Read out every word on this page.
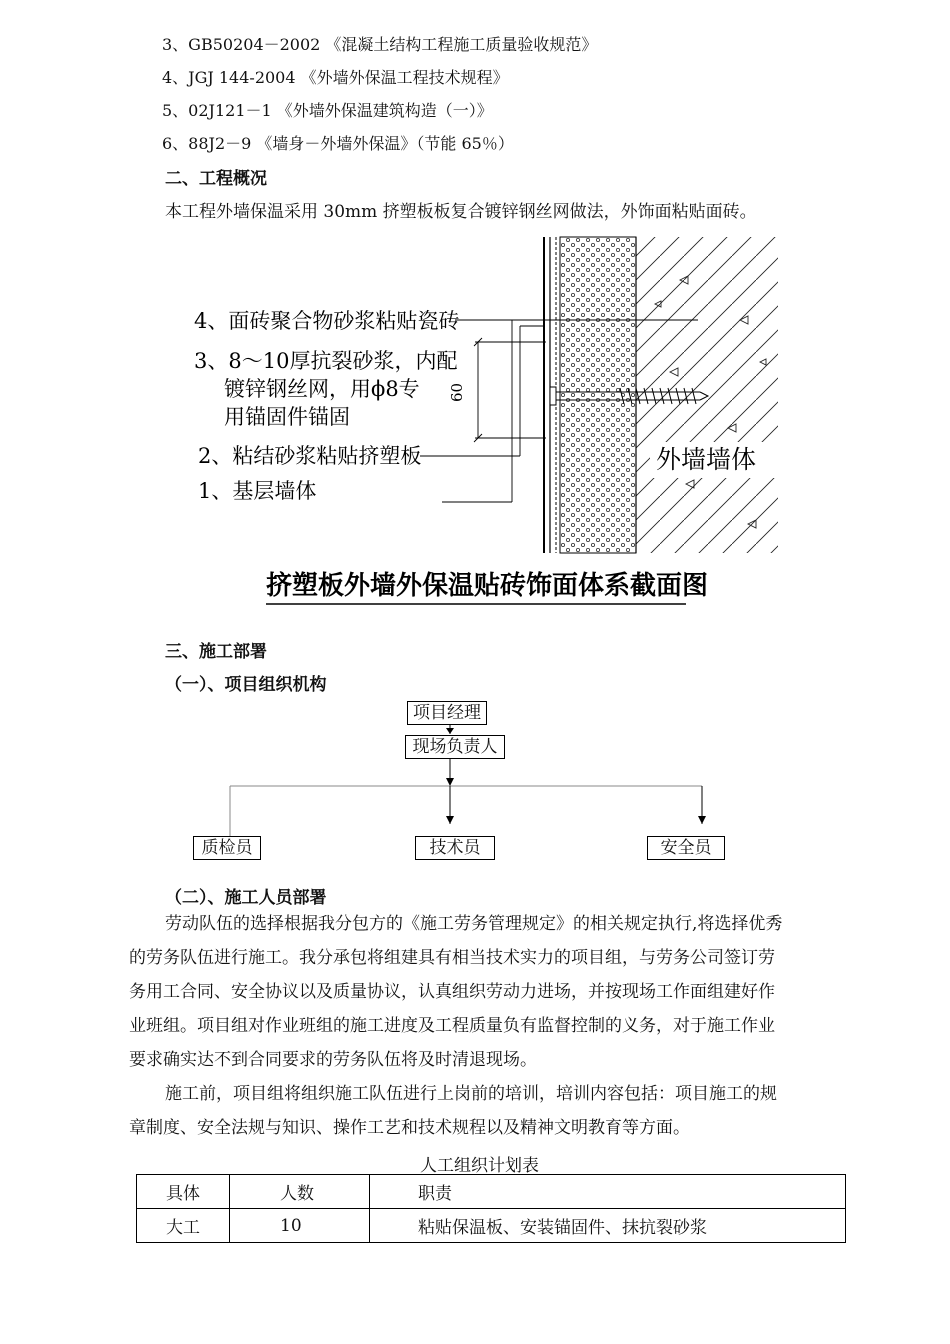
3、GB50204－2002 《混凝土结构工程施工质量验收规范》
4、JGJ 144-2004 《外墙外保温工程技术规程》
5、02J121－1 《外墙外保温建筑构造（一）》
6、88J2－9 《墙身－外墙外保温》（节能 65％）
二、工程概况
本工程外墙保温采用 30mm 挤塑板板复合镀锌钢丝网做法，外饰面粘贴面砖。
外墙墙体
60
4、面砖聚合物砂浆粘贴瓷砖
3、8～10厚抗裂砂浆，内配
镀锌钢丝网，用ϕ8专
用锚固件锚固
2、粘结砂浆粘贴挤塑板
1、基层墙体
挤塑板外墙外保温贴砖饰面体系截面图
三、施工部署
（一）、项目组织机构
项目经理
现场负责人
质检员	技术员	安全员
（二）、施工人员部署
劳动队伍的选择根据我分包方的《施工劳务管理规定》的相关规定执行,将选择优秀
的劳务队伍进行施工。我分承包将组建具有相当技术实力的项目组，与劳务公司签订劳
务用工合同、安全协议以及质量协议，认真组织劳动力进场，并按现场工作面组建好作
业班组。项目组对作业班组的施工进度及工程质量负有监督控制的义务，对于施工作业
要求确实达不到合同要求的劳务队伍将及时清退现场。
施工前，项目组将组织施工队伍进行上岗前的培训，培训内容包括：项目施工的规
章制度、安全法规与知识、操作工艺和技术规程以及精神文明教育等方面。
人工组织计划表
具体	人数	职责
大工	10	粘贴保温板、安装锚固件、抹抗裂砂浆
